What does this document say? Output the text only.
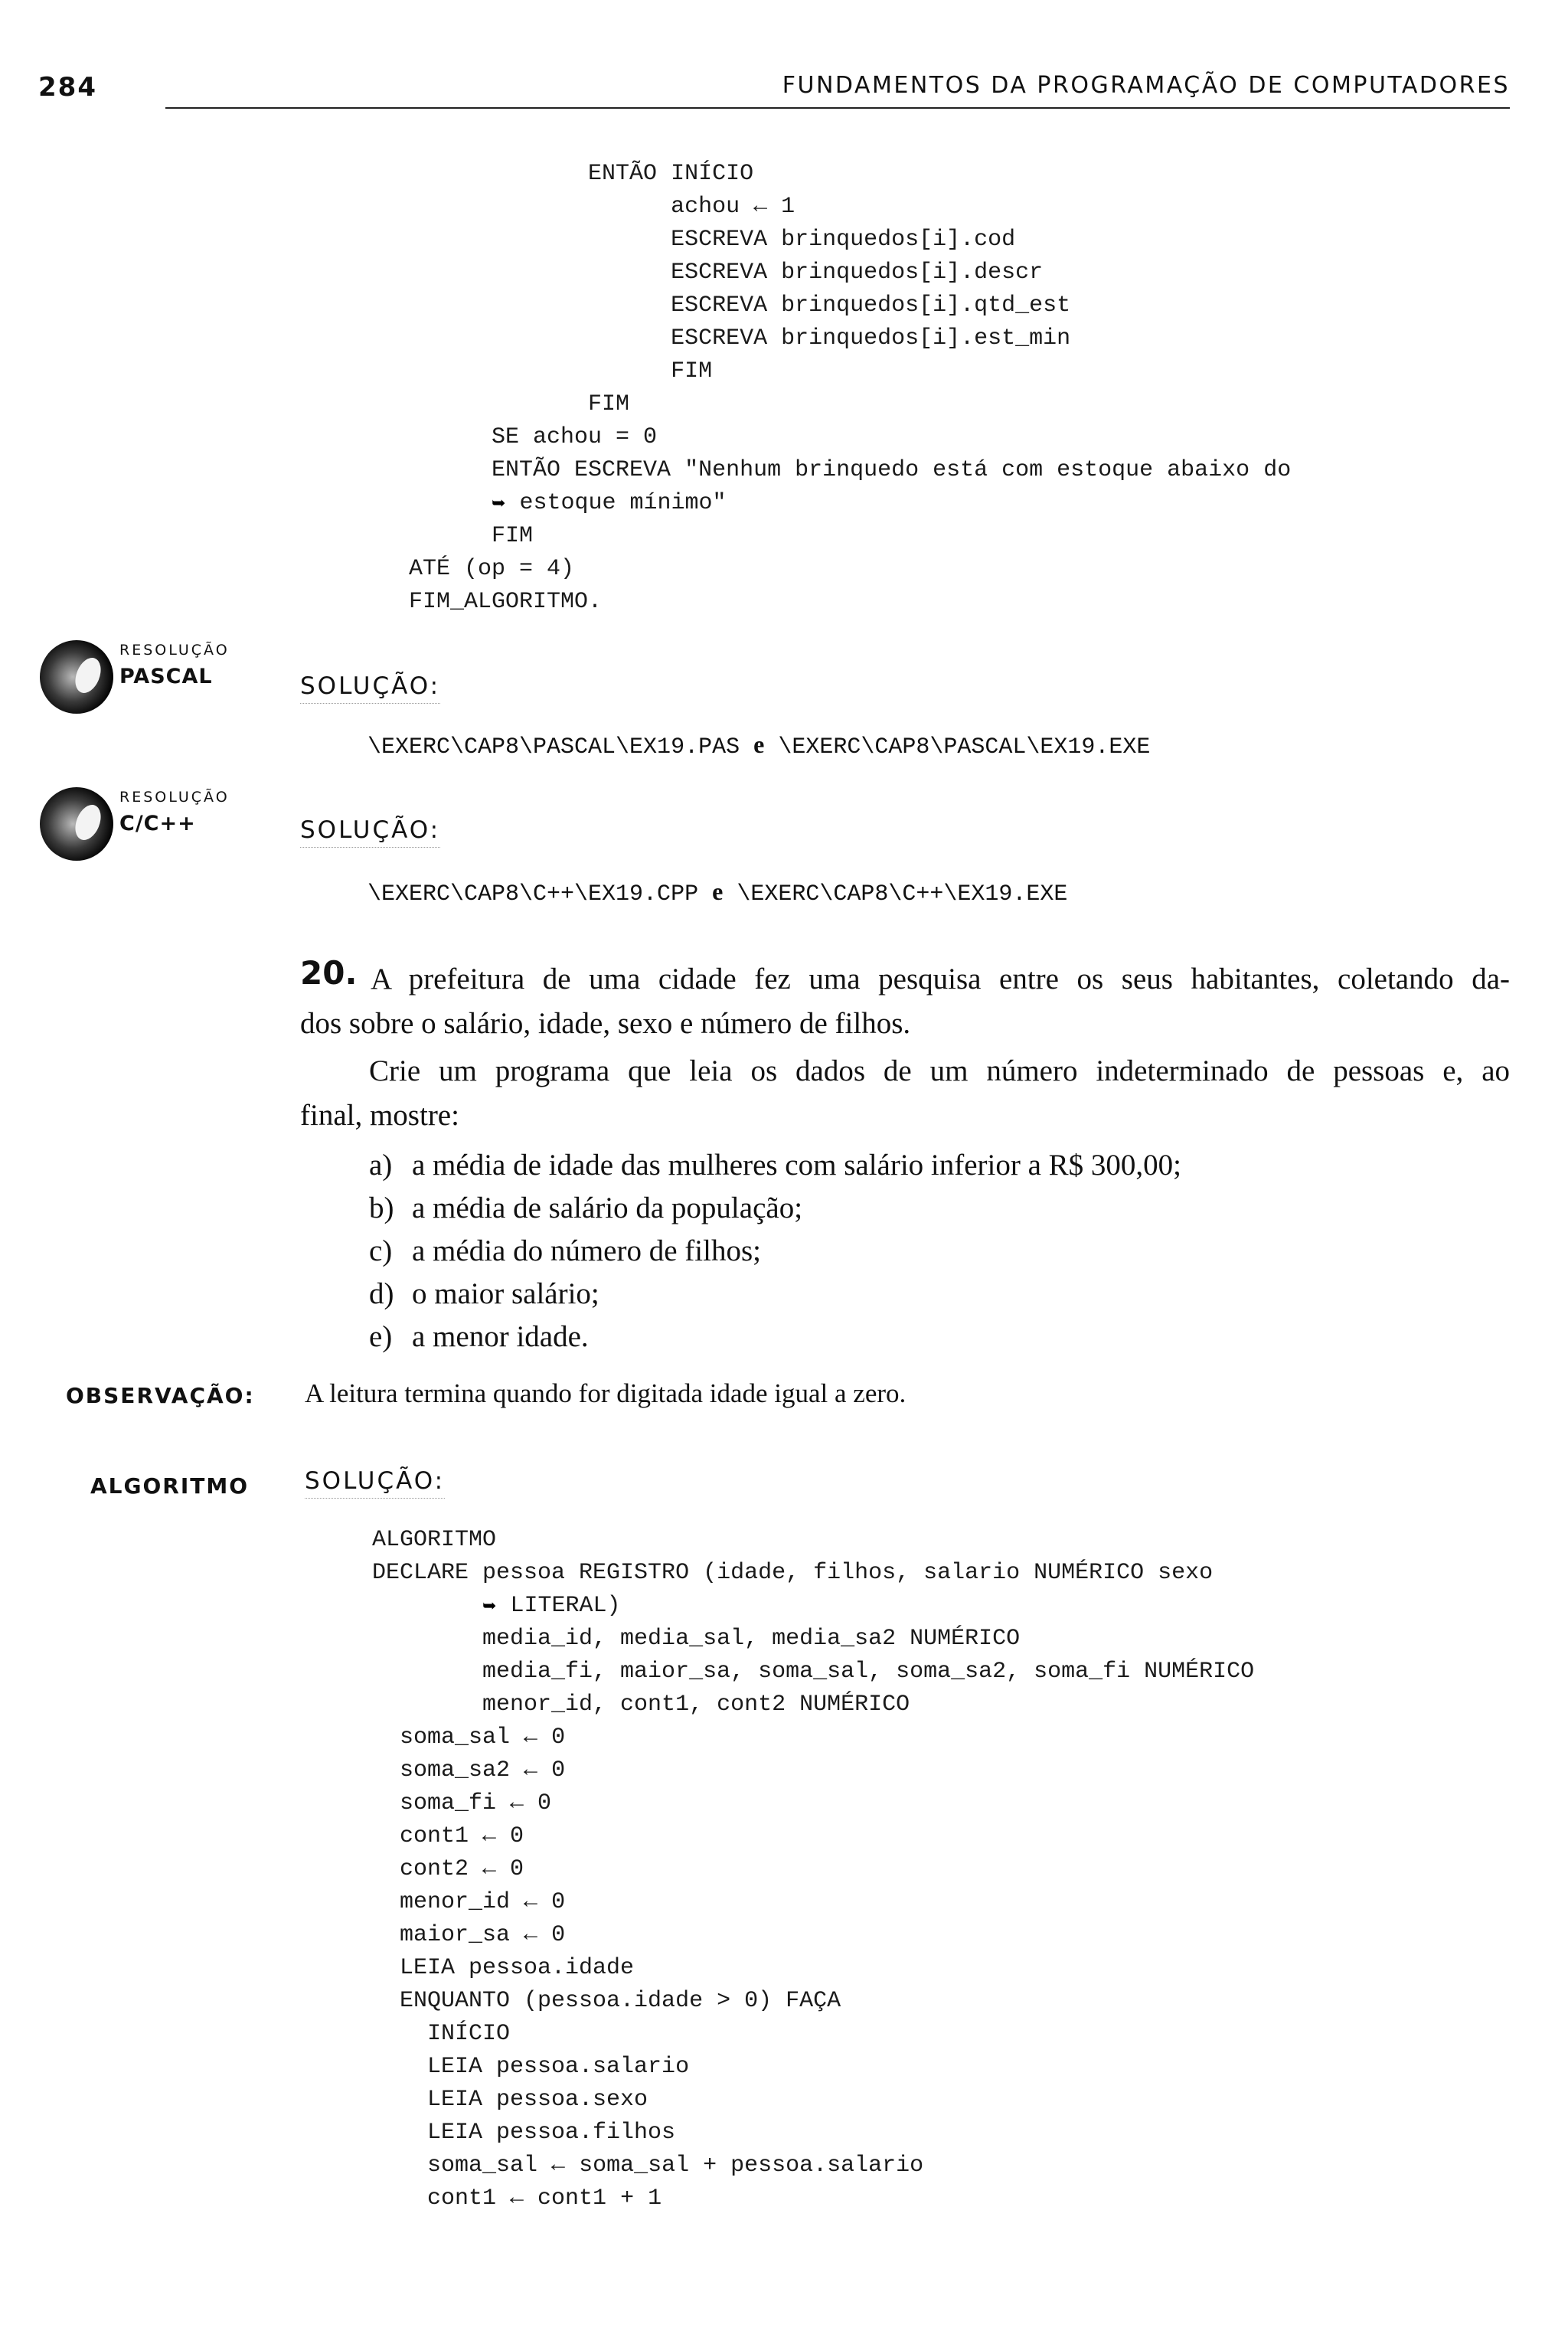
284	FUNDAMENTOS DA PROGRAMAÇÃO DE COMPUTADORES
ENTÃO INÍCIO
achou ← 1
ESCREVA brinquedos[i].cod
ESCREVA brinquedos[i].descr
ESCREVA brinquedos[i].qtd_est
ESCREVA brinquedos[i].est_min
FIM
FIM
SE achou = 0
ENTÃO ESCREVA "Nenhum brinquedo está com estoque abaixo do
➥ estoque mínimo"
FIM
ATÉ (op = 4)
FIM_ALGORITMO.
RESOLUÇÃO
PASCAL	SOLUÇÃO:
\EXERC\CAP8\PASCAL\EX19.PAS e \EXERC\CAP8\PASCAL\EX19.EXE
RESOLUÇÃO
C/C++	SOLUÇÃO:
\EXERC\CAP8\C++\EX19.CPP e \EXERC\CAP8\C++\EX19.EXE
20. A prefeitura de uma cidade fez uma pesquisa entre os seus habitantes, coletando da-
dos sobre o salário, idade, sexo e número de filhos.
Crie um programa que leia os dados de um número indeterminado de pessoas e, ao
final, mostre:
a) a média de idade das mulheres com salário inferior a R$ 300,00;
b) a média de salário da população;
c) a média do número de filhos;
d) o maior salário;
e) a menor idade.
OBSERVAÇÃO: A leitura termina quando for digitada idade igual a zero.
ALGORITMO SOLUÇÃO:
ALGORITMO
DECLARE pessoa REGISTRO (idade, filhos, salario NUMÉRICO sexo
➥ LITERAL)
media_id, media_sal, media_sa2 NUMÉRICO
media_fi, maior_sa, soma_sal, soma_sa2, soma_fi NUMÉRICO
menor_id, cont1, cont2 NUMÉRICO
soma_sal ← 0
soma_sa2 ← 0
soma_fi ← 0
cont1 ← 0
cont2 ← 0
menor_id ← 0
maior_sa ← 0
LEIA pessoa.idade
ENQUANTO (pessoa.idade > 0) FAÇA
INÍCIO
LEIA pessoa.salario
LEIA pessoa.sexo
LEIA pessoa.filhos
soma_sal ← soma_sal + pessoa.salario
cont1 ← cont1 + 1
